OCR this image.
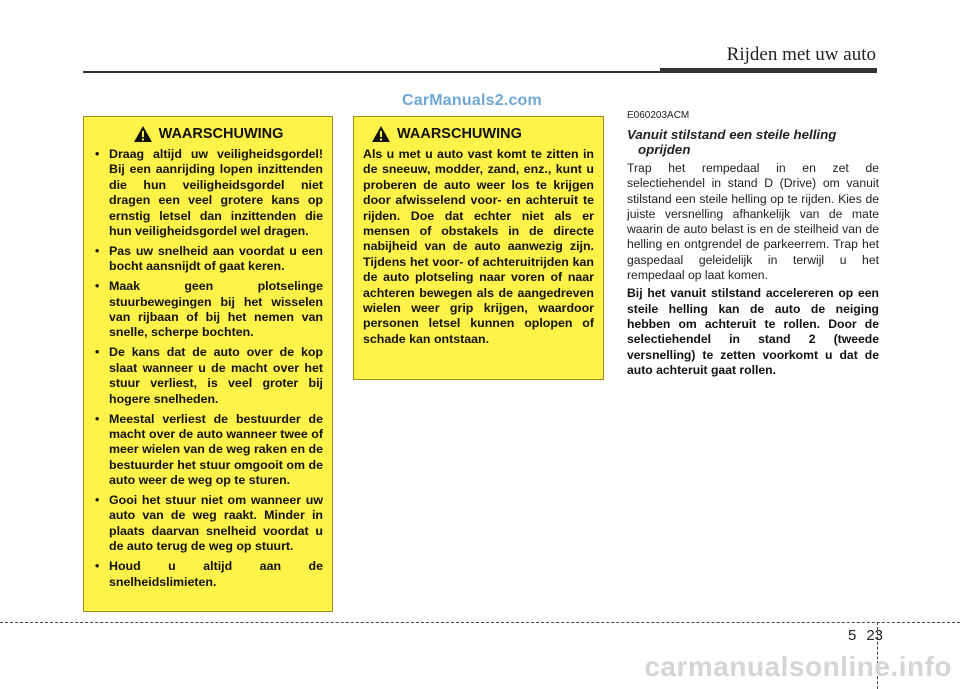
Rijden met uw auto
CarManuals2.com
WAARSCHUWING
• Draag altijd uw veiligheidsgordel! Bij een aanrijding lopen inzittenden die hun veiligheidsgordel niet dragen een veel grotere kans op ernstig letsel dan inzittenden die hun veiligheidsgordel wel dragen.
• Pas uw snelheid aan voordat u een bocht aansnijdt of gaat keren.
• Maak geen plotselinge stuurbewegingen bij het wisselen van rijbaan of bij het nemen van snelle, scherpe bochten.
• De kans dat de auto over de kop slaat wanneer u de macht over het stuur verliest, is veel groter bij hogere snelheden.
• Meestal verliest de bestuurder de macht over de auto wanneer twee of meer wielen van de weg raken en de bestuurder het stuur omgooit om de auto weer de weg op te sturen.
• Gooi het stuur niet om wanneer uw auto van de weg raakt. Minder in plaats daarvan snelheid voordat u de auto terug de weg op stuurt.
• Houd u altijd aan de snelheidslimieten.
WAARSCHUWING

Als u met u auto vast komt te zitten in de sneeuw, modder, zand, enz., kunt u proberen de auto weer los te krijgen door afwisselend voor- en achteruit te rijden. Doe dat echter niet als er mensen of obstakels in de directe nabijheid van de auto aanwezig zijn. Tijdens het voor- of achteruitrijden kan de auto plotseling naar voren of naar achteren bewegen als de aangedreven wielen weer grip krijgen, waardoor personen letsel kunnen oplopen of schade kan ontstaan.

E060203ACM

Vanuit stilstand een steile helling
oprijden

Trap het rempedaal in en zet de selectiehendel in stand D (Drive) om vanuit stilstand een steile helling op te rijden. Kies de juiste versnelling afhankelijk van de mate waarin de auto belast is en de steilheid van de helling en ontgrendel de parkeerrem. Trap het gaspedaal geleidelijk in terwijl u het rempedaal op laat komen.

Bij het vanuit stilstand accelereren op een steile helling kan de auto de neiging hebben om achteruit te rollen. Door de selectiehendel in stand 2 (tweede versnelling) te zetten voorkomt u dat de auto achteruit gaat rollen.

5 23
carmanualsonline.info
